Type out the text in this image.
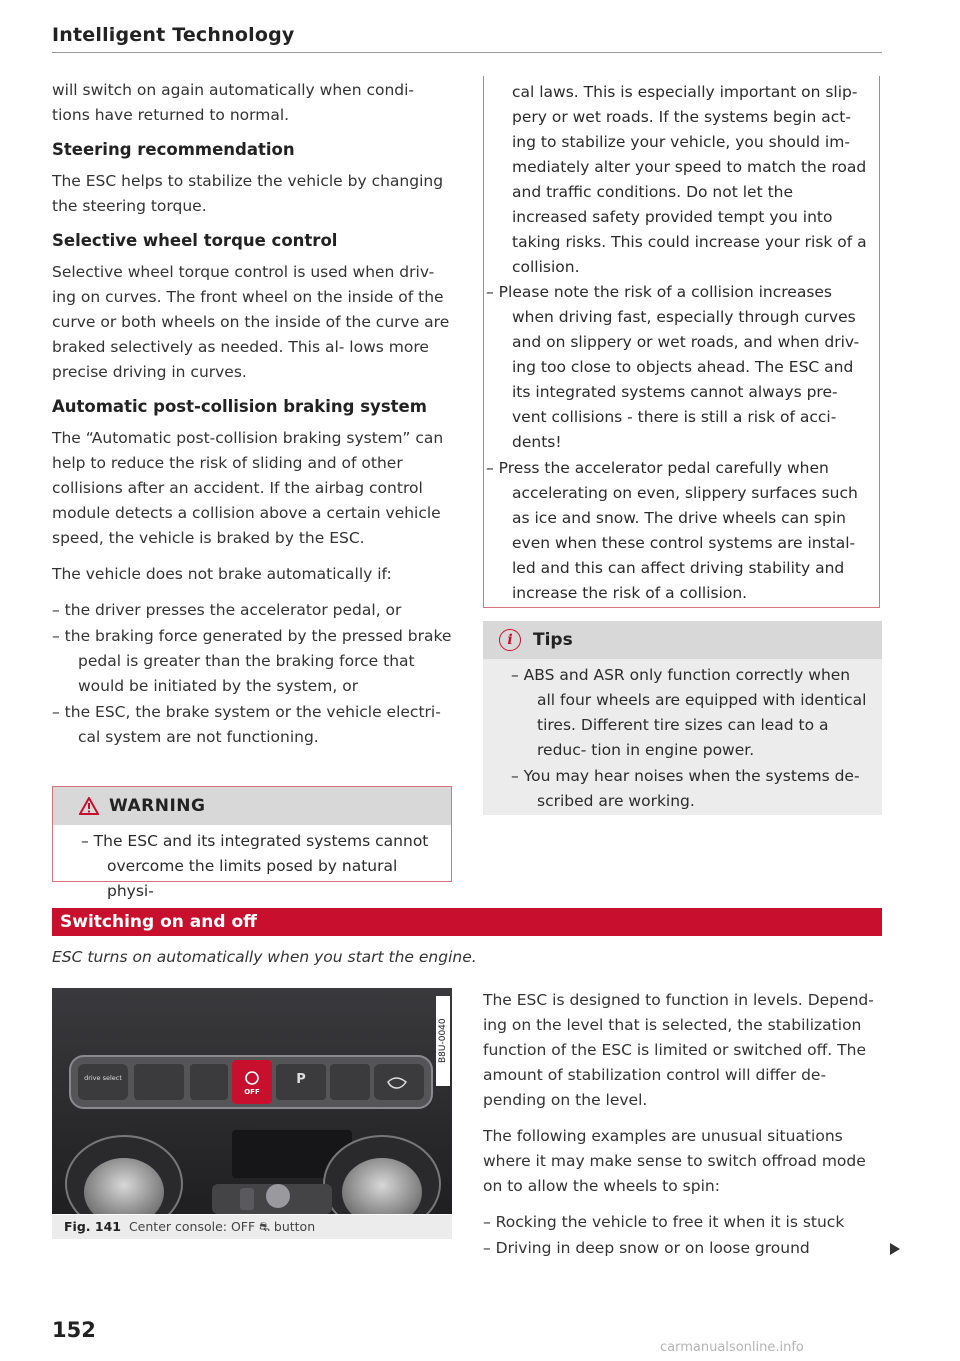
Intelligent Technology

will switch on again automatically when condi- tions have returned to normal.

Steering recommendation

The ESC helps to stabilize the vehicle by changing the steering torque.

Selective wheel torque control

Selective wheel torque control is used when driv- ing on curves. The front wheel on the inside of the curve or both wheels on the inside of the curve are braked selectively as needed. This al- lows more precise driving in curves.

Automatic post-collision braking system

The “Automatic post-collision braking system” can help to reduce the risk of sliding and of other collisions after an accident. If the airbag control module detects a collision above a certain vehicle speed, the vehicle is braked by the ESC.

The vehicle does not brake automatically if:

– the driver presses the accelerator pedal, or
– the braking force generated by the pressed brake pedal is greater than the braking force that would be initiated by the system, or
– the ESC, the brake system or the vehicle electri- cal system are not functioning.
WARNING
– The ESC and its integrated systems cannot overcome the limits posed by natural physi-
cal laws. This is especially important on slip- pery or wet roads. If the systems begin act- ing to stabilize your vehicle, you should im- mediately alter your speed to match the road and traffic conditions. Do not let the increased safety provided tempt you into taking risks. This could increase your risk of a collision.
– Please note the risk of a collision increases when driving fast, especially through curves and on slippery or wet roads, and when driv- ing too close to objects ahead. The ESC and its integrated systems cannot always pre- vent collisions - there is still a risk of acci- dents!
– Press the accelerator pedal carefully when accelerating on even, slippery surfaces such as ice and snow. The drive wheels can spin even when these control systems are instal- led and this can affect driving stability and increase the risk of a collision.
i	Tips
– ABS and ASR only function correctly when all four wheels are equipped with identical tires. Different tire sizes can lead to a reduc- tion in engine power.
– You may hear noises when the systems de- scribed are working.
Switching on and off
ESC turns on automatically when you start the engine.
drive select
OFF
P
B8U-0040
Fig. 141 Center console: OFF ⛐ button

The ESC is designed to function in levels. Depend- ing on the level that is selected, the stabilization function of the ESC is limited or switched off. The amount of stabilization control will differ de- pending on the level.

The following examples are unusual situations where it may make sense to switch offroad mode on to allow the wheels to spin:

– Rocking the vehicle to free it when it is stuck
– Driving in deep snow or on loose ground
152
carmanualsonline.info
